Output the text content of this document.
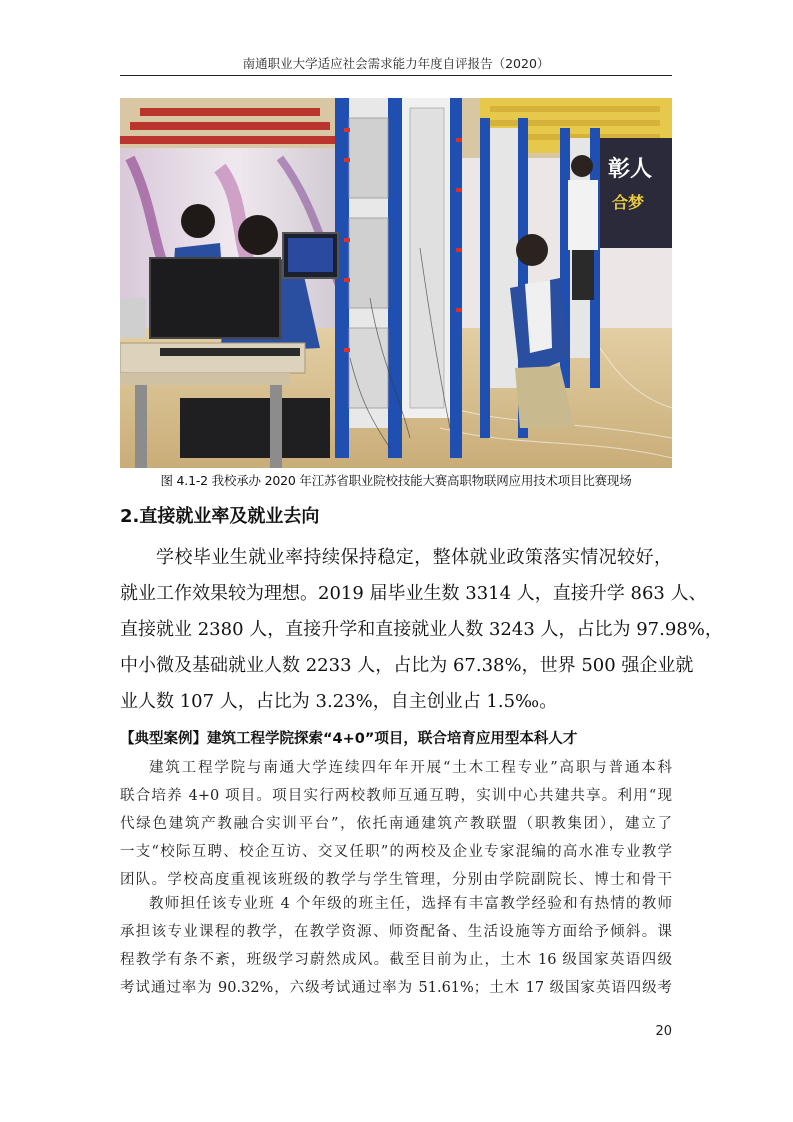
南通职业大学适应社会需求能力年度自评报告（2020）
彰人
合梦
图 4.1-2 我校承办 2020 年江苏省职业院校技能大赛高职物联网应用技术项目比赛现场
2.直接就业率及就业去向
学校毕业生就业率持续保持稳定，整体就业政策落实情况较好，
就业工作效果较为理想。2019 届毕业生数 3314 人，直接升学 863 人、
直接就业 2380 人，直接升学和直接就业人数 3243 人，占比为 97.98%，
中小微及基础就业人数 2233 人，占比为 67.38%，世界 500 强企业就
业人数 107 人，占比为 3.23%，自主创业占 1.5‰。
【典型案例】建筑工程学院探索“4+0”项目，联合培育应用型本科人才
建筑工程学院与南通大学连续四年年开展“土木工程专业”高职与普通本科
联合培养 4+0 项目。项目实行两校教师互通互聘，实训中心共建共享。利用“现
代绿色建筑产教融合实训平台”，依托南通建筑产教联盟（职教集团），建立了
一支“校际互聘、校企互访、交叉任职”的两校及企业专家混编的高水准专业教学
团队。学校高度重视该班级的教学与学生管理，分别由学院副院长、博士和骨干
教师担任该专业班 4 个年级的班主任，选择有丰富教学经验和有热情的教师
承担该专业课程的教学，在教学资源、师资配备、生活设施等方面给予倾斜。课
程教学有条不紊，班级学习蔚然成风。截至目前为止，土木 16 级国家英语四级
考试通过率为 90.32%，六级考试通过率为 51.61%；土木 17 级国家英语四级考
20
